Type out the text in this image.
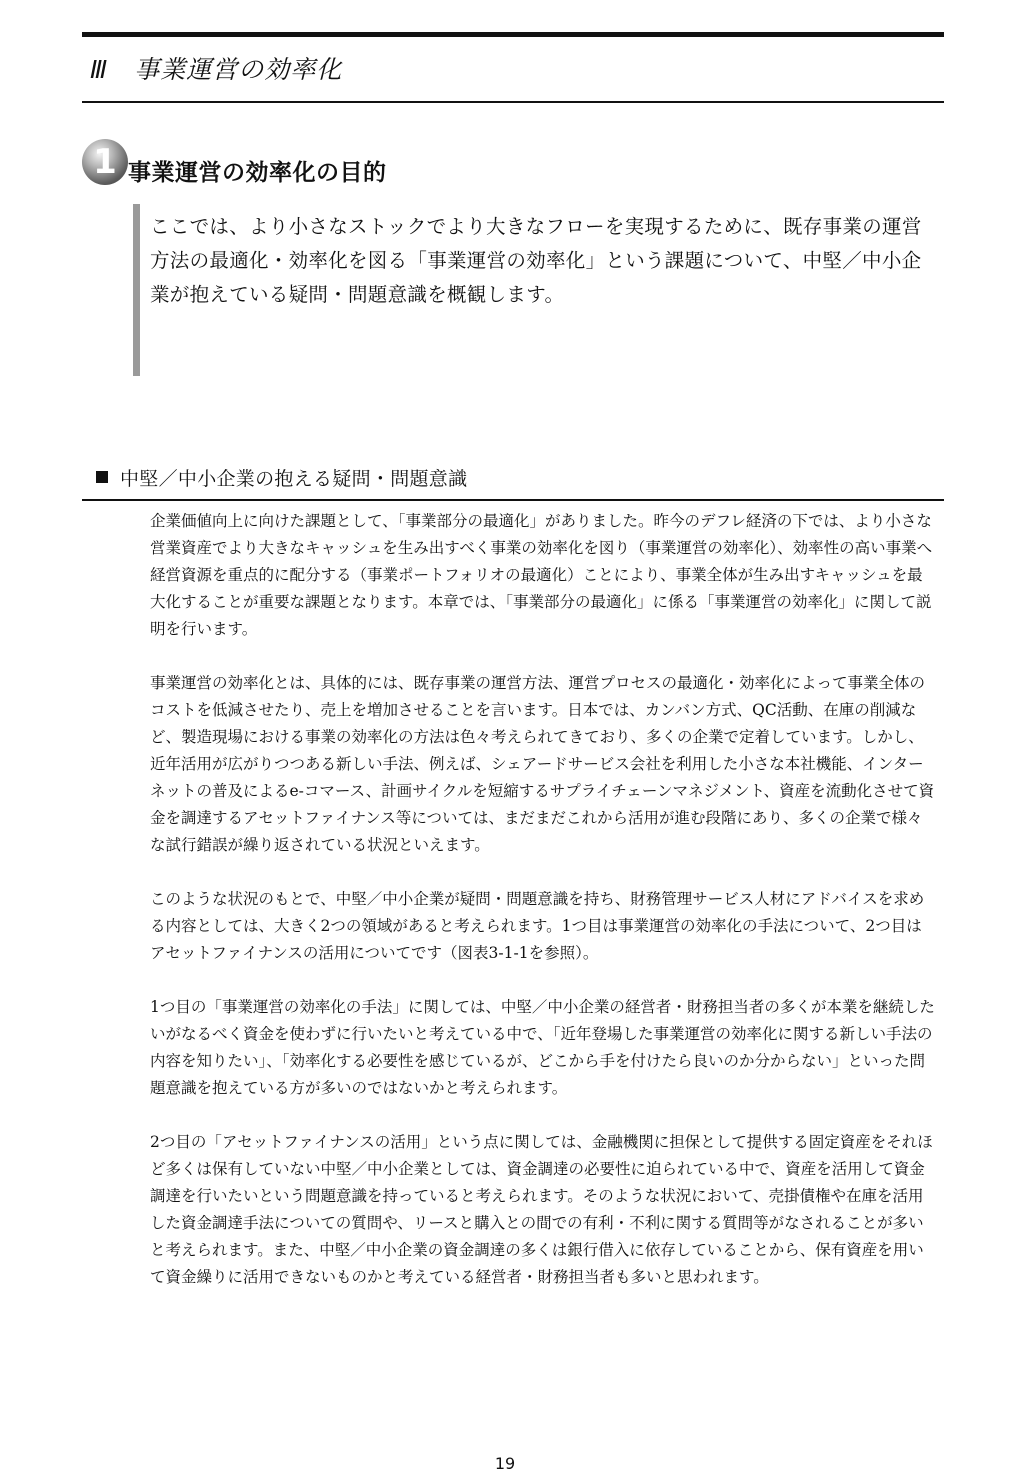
Ⅲ　事業運営の効率化
1 事業運営の効率化の目的
ここでは、より小さなストックでより大きなフローを実現するために、既存事業の運営方法の最適化・効率化を図る「事業運営の効率化」という課題について、中堅／中小企業が抱えている疑問・問題意識を概観します。
中堅／中小企業の抱える疑問・問題意識

企業価値向上に向けた課題として、「事業部分の最適化」がありました。昨今のデフレ経済の下では、より小さな営業資産でより大きなキャッシュを生み出すべく事業の効率化を図り（事業運営の効率化）、効率性の高い事業へ経営資源を重点的に配分する（事業ポートフォリオの最適化）ことにより、事業全体が生み出すキャッシュを最大化することが重要な課題となります。本章では、「事業部分の最適化」に係る「事業運営の効率化」に関して説明を行います。

事業運営の効率化とは、具体的には、既存事業の運営方法、運営プロセスの最適化・効率化によって事業全体のコストを低減させたり、売上を増加させることを言います。日本では、カンバン方式、QC活動、在庫の削減など、製造現場における事業の効率化の方法は色々考えられてきており、多くの企業で定着しています。しかし、近年活用が広がりつつある新しい手法、例えば、シェアードサービス会社を利用した小さな本社機能、インターネットの普及によるe-コマース、計画サイクルを短縮するサプライチェーンマネジメント、資産を流動化させて資金を調達するアセットファイナンス等については、まだまだこれから活用が進む段階にあり、多くの企業で様々な試行錯誤が繰り返されている状況といえます。

このような状況のもとで、中堅／中小企業が疑問・問題意識を持ち、財務管理サービス人材にアドバイスを求める内容としては、大きく2つの領域があると考えられます。1つ目は事業運営の効率化の手法について、2つ目はアセットファイナンスの活用についてです（図表3-1-1を参照）。

1つ目の「事業運営の効率化の手法」に関しては、中堅／中小企業の経営者・財務担当者の多くが本業を継続したいがなるべく資金を使わずに行いたいと考えている中で、「近年登場した事業運営の効率化に関する新しい手法の内容を知りたい」、「効率化する必要性を感じているが、どこから手を付けたら良いのか分からない」といった問題意識を抱えている方が多いのではないかと考えられます。

2つ目の「アセットファイナンスの活用」という点に関しては、金融機関に担保として提供する固定資産をそれほど多くは保有していない中堅／中小企業としては、資金調達の必要性に迫られている中で、資産を活用して資金調達を行いたいという問題意識を持っていると考えられます。そのような状況において、売掛債権や在庫を活用した資金調達手法についての質問や、リースと購入との間での有利・不利に関する質問等がなされることが多いと考えられます。また、中堅／中小企業の資金調達の多くは銀行借入に依存していることから、保有資産を用いて資金繰りに活用できないものかと考えている経営者・財務担当者も多いと思われます。

19
